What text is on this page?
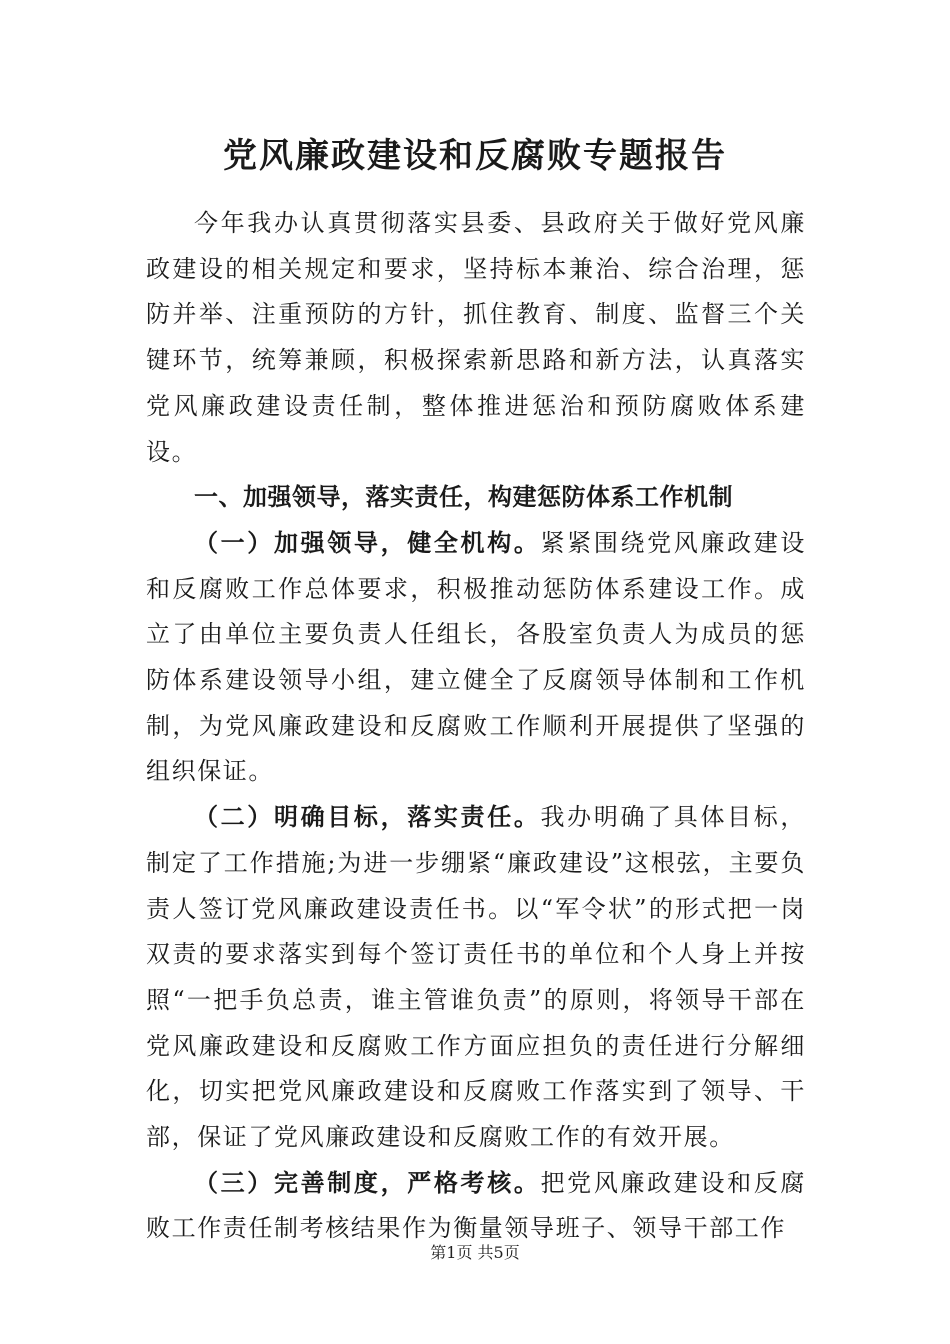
党风廉政建设和反腐败专题报告

今年我办认真贯彻落实县委、县政府关于做好党风廉政建设的相关规定和要求，坚持标本兼治、综合治理，惩防并举、注重预防的方针，抓住教育、制度、监督三个关键环节，统筹兼顾，积极探索新思路和新方法，认真落实党风廉政建设责任制，整体推进惩治和预防腐败体系建设。

一、加强领导，落实责任，构建惩防体系工作机制

（一）加强领导，健全机构。紧紧围绕党风廉政建设和反腐败工作总体要求，积极推动惩防体系建设工作。成立了由单位主要负责人任组长，各股室负责人为成员的惩防体系建设领导小组，建立健全了反腐领导体制和工作机制，为党风廉政建设和反腐败工作顺利开展提供了坚强的组织保证。

（二）明确目标，落实责任。我办明确了具体目标，制定了工作措施;为进一步绷紧“廉政建设”这根弦，主要负责人签订党风廉政建设责任书。以“军令状”的形式把一岗双责的要求落实到每个签订责任书的单位和个人身上并按照“一把手负总责，谁主管谁负责”的原则，将领导干部在党风廉政建设和反腐败工作方面应担负的责任进行分解细化，切实把党风廉政建设和反腐败工作落实到了领导、干部，保证了党风廉政建设和反腐败工作的有效开展。

（三）完善制度，严格考核。把党风廉政建设和反腐败工作责任制考核结果作为衡量领导班子、领导干部工作

第1页 共5页
